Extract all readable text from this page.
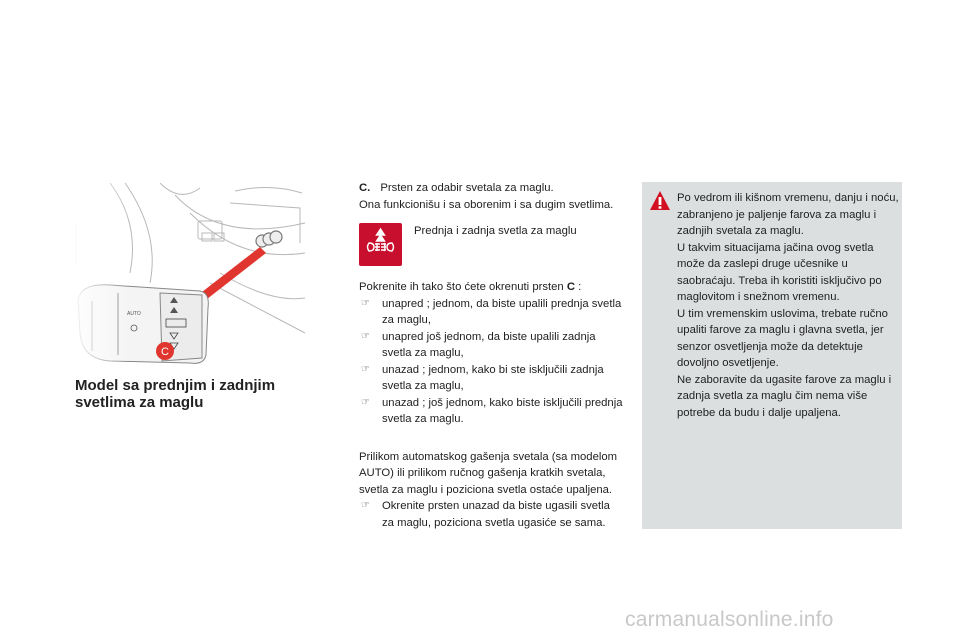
C
Model sa prednjim i zadnjim svetlima za maglu

C. Prsten za odabir svetala za maglu.

Ona funkcionišu i sa oborenim i sa dugim svetlima.

Prednja i zadnja svetla za maglu

Pokrenite ih tako što ćete okrenuti prsten C :

☞ unapred ; jednom, da biste upalili prednja svetla za maglu,
☞ unapred još jednom, da biste upalili zadnja svetla za maglu,
☞ unazad ; jednom, kako bi ste isključili zadnja svetla za maglu,
☞ unazad ; još jednom, kako biste isključili prednja svetla za maglu.

Prilikom automatskog gašenja svetala (sa modelom AUTO) ili prilikom ručnog gašenja kratkih svetala, svetla za maglu i poziciona svetla ostaće upaljena.

☞ Okrenite prsten unazad da biste ugasili svetla za maglu, poziciona svetla ugasiće se sama.
Po vedrom ili kišnom vremenu, danju i noću, zabranjeno je paljenje farova za maglu i zadnjih svetala za maglu.
U takvim situacijama jačina ovog svetla može da zaslepi druge učesnike u saobraćaju. Treba ih koristiti isključivo po maglovitom i snežnom vremenu.
U tim vremenskim uslovima, trebate ručno upaliti farove za maglu i glavna svetla, jer senzor osvetljenja može da detektuje dovoljno osvetljenje.
Ne zaboravite da ugasite farove za maglu i zadnja svetla za maglu čim nema više potrebe da budu i dalje upaljena.
carmanualsonline.info
